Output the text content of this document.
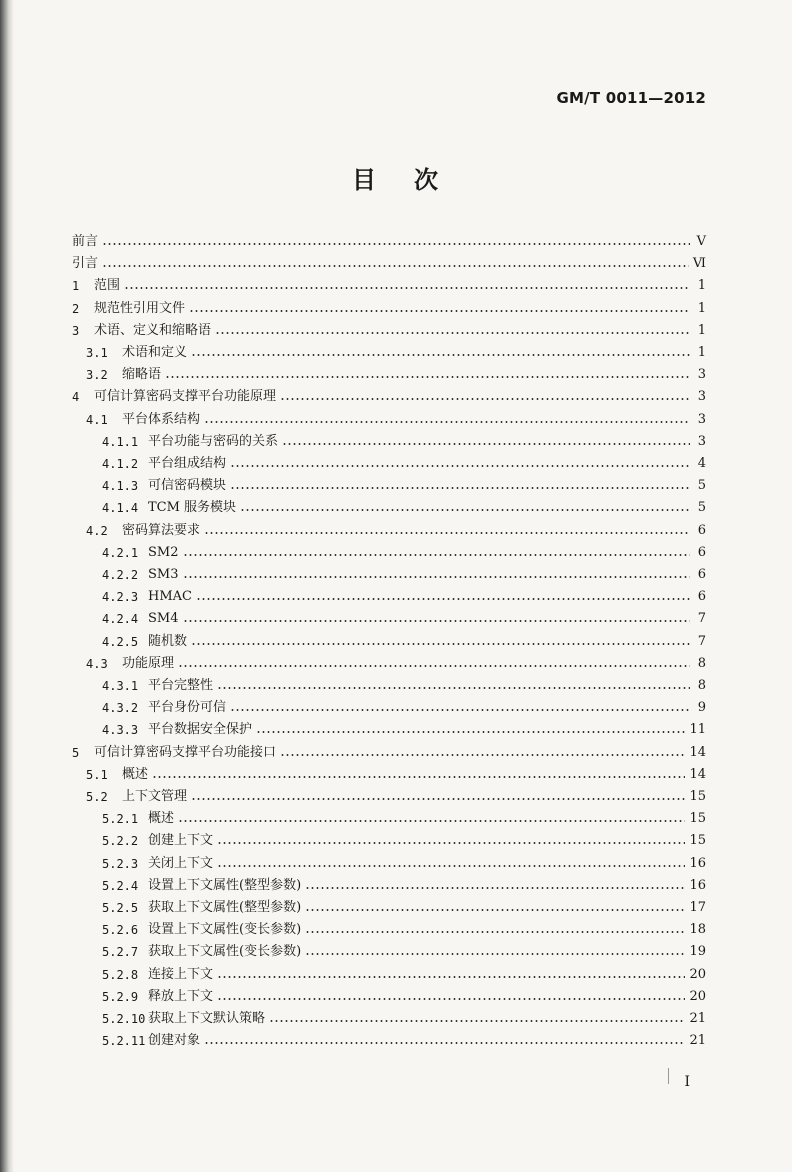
GM/T 0011—2012
目 次
前言	V
引言	Ⅵ
1	范围	1
2	规范性引用文件	1
3	术语、定义和缩略语	1
3.1	术语和定义	1
3.2	缩略语	3
4	可信计算密码支撑平台功能原理	3
4.1	平台体系结构	3
4.1.1 平台功能与密码的关系	3
4.1.2 平台组成结构	4
4.1.3 可信密码模块	5
4.1.4 TCM 服务模块	5
4.2	密码算法要求	6
4.2.1 SM2	6
4.2.2 SM3	6
4.2.3 HMAC	6
4.2.4 SM4	7
4.2.5 随机数	7
4.3	功能原理	8
4.3.1 平台完整性	8
4.3.2 平台身份可信	9
4.3.3 平台数据安全保护	11
5	可信计算密码支撑平台功能接口	14
5.1	概述	14
5.2	上下文管理	15
5.2.1 概述	15
5.2.2 创建上下文	15
5.2.3 关闭上下文	16
5.2.4 设置上下文属性(整型参数)	16
5.2.5 获取上下文属性(整型参数)	17
5.2.6 设置上下文属性(变长参数)	18
5.2.7 获取上下文属性(变长参数)	19
5.2.8 连接上下文	20
5.2.9 释放上下文	20
5.2.10 获取上下文默认策略	21
5.2.11 创建对象	21
I
